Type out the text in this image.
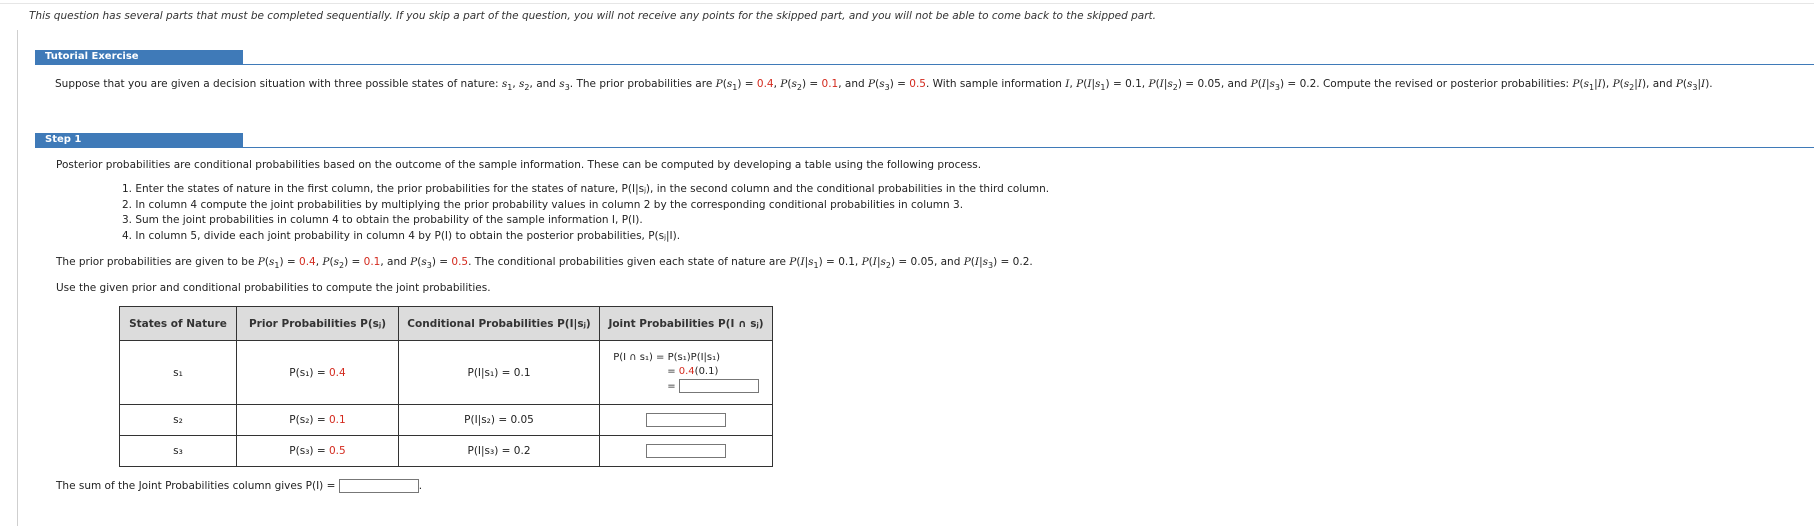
This question has several parts that must be completed sequentially. If you skip a part of the question, you will not receive any points for the skipped part, and you will not be able to come back to the skipped part.
Tutorial Exercise
Suppose that you are given a decision situation with three possible states of nature: $s_1$, $s_2$, and $s_3$. The prior probabilities are $P(s_1) = 0.4$, $P(s_2) = 0.1$, and $P(s_3) = 0.5$. With sample information I, $P(I|s_1) = 0.1$, $P(I|s_2) = 0.05$, and $P(I|s_3) = 0.2$. Compute the revised or posterior probabilities: $P(s_1|I)$, $P(s_2|I)$, and $P(s_3|I)$.
Step 1
Posterior probabilities are conditional probabilities based on the outcome of the sample information. These can be computed by developing a table using the following process.
1. Enter the states of nature in the first column, the prior probabilities for the states of nature, P(I|sⱼ), in the second column and the conditional probabilities in the third column.
2. In column 4 compute the joint probabilities by multiplying the prior probability values in column 2 by the corresponding conditional probabilities in column 3.
3. Sum the joint probabilities in column 4 to obtain the probability of the sample information I, P(I).
4. In column 5, divide each joint probability in column 4 by P(I) to obtain the posterior probabilities, P(sⱼ|I).
The prior probabilities are given to be $P(s_1) = 0.4$, $P(s_2) = 0.1$, and $P(s_3) = 0.5$. The conditional probabilities given each state of nature are $P(I|s_1) = 0.1$, $P(I|s_2) = 0.05$, and $P(I|s_3) = 0.2$.
Use the given prior and conditional probabilities to compute the joint probabilities.
States of Nature	Prior Probabilities P(sⱼ)	Conditional Probabilities P(I|sⱼ)	Joint Probabilities P(I ∩ sⱼ)
s₁	P(s₁) = 0.4	P(I|s₁) = 0.1	P(I ∩ s₁) = P(s₁)P(I|s₁)
= 0.4(0.1)
=

s₂	P(s₂) = 0.1	P(I|s₂) = 0.05	
s₃	P(s₃) = 0.5	P(I|s₃) = 0.2	
The sum of the Joint Probabilities column gives P(I) =	.
